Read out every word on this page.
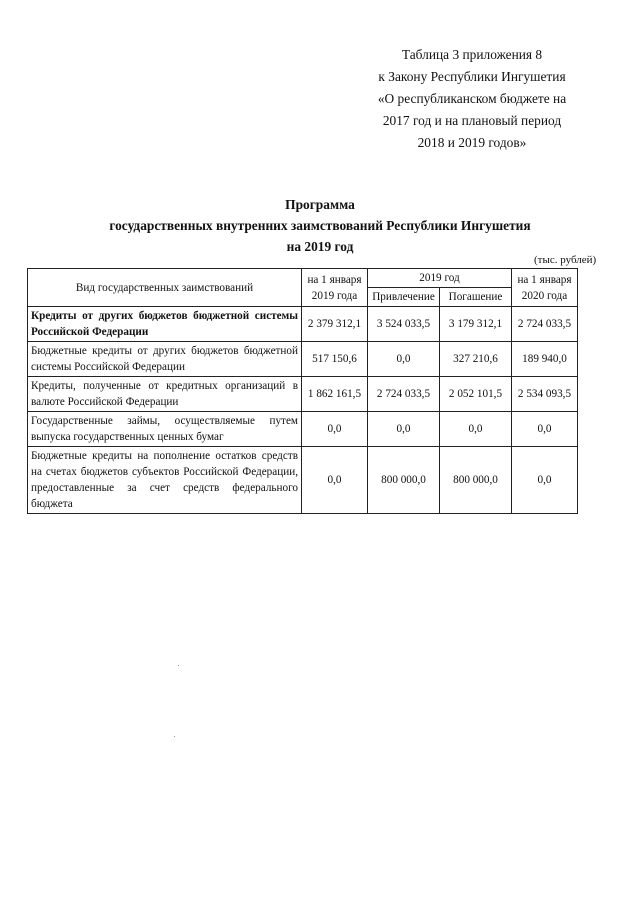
Таблица 3 приложения 8
к Закону Республики Ингушетия
«О республиканском бюджете на
2017 год и на плановый период
2018 и 2019 годов»
Программа
государственных внутренних заимствований Республики Ингушетия
на 2019 год
(тыс. рублей)
Вид государственных заимствований	на 1 января 2019 года	2019 год		на 1 января 2020 года
		Привлечение	Погашение	
Кредиты от других бюджетов бюджетной системы Российской Федерации	2 379 312,1	3 524 033,5	3 179 312,1	2 724 033,5
Бюджетные кредиты от других бюджетов бюджетной системы Российской Федерации	517 150,6	0,0	327 210,6	189 940,0
Кредиты, полученные от кредитных организаций в валюте Российской Федерации	1 862 161,5	2 724 033,5	2 052 101,5	2 534 093,5
Государственные займы, осуществляемые путем выпуска государственных ценных бумаг	0,0	0,0	0,0	0,0
Бюджетные кредиты на пополнение остатков средств на счетах бюджетов субъектов Российской Федерации, предоставленные за счет средств федерального бюджета	0,0	800 000,0	800 000,0	0,0
